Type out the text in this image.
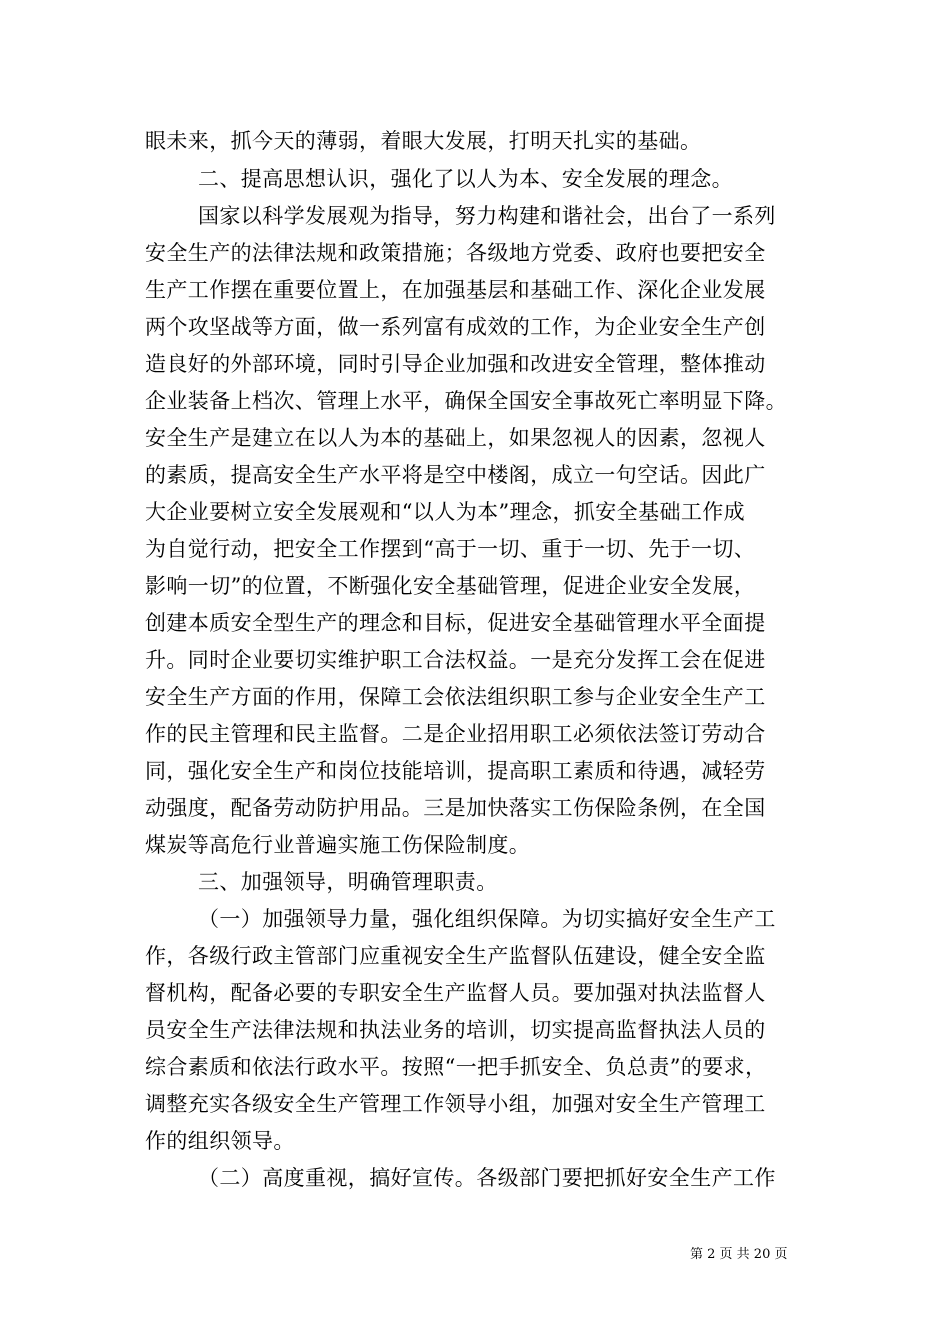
眼未来，抓今天的薄弱，着眼大发展，打明天扎实的基础。
二、提高思想认识，强化了以人为本、安全发展的理念。
国家以科学发展观为指导，努力构建和谐社会，出台了一系列
安全生产的法律法规和政策措施；各级地方党委、政府也要把安全
生产工作摆在重要位置上，在加强基层和基础工作、深化企业发展
两个攻坚战等方面，做一系列富有成效的工作，为企业安全生产创
造良好的外部环境，同时引导企业加强和改进安全管理，整体推动
企业装备上档次、管理上水平，确保全国安全事故死亡率明显下降。
安全生产是建立在以人为本的基础上，如果忽视人的因素，忽视人
的素质，提高安全生产水平将是空中楼阁，成立一句空话。因此广
大企业要树立安全发展观和“以人为本”理念，抓安全基础工作成
为自觉行动，把安全工作摆到“高于一切、重于一切、先于一切、
影响一切”的位置，不断强化安全基础管理，促进企业安全发展，
创建本质安全型生产的理念和目标，促进安全基础管理水平全面提
升。同时企业要切实维护职工合法权益。一是充分发挥工会在促进
安全生产方面的作用，保障工会依法组织职工参与企业安全生产工
作的民主管理和民主监督。二是企业招用职工必须依法签订劳动合
同，强化安全生产和岗位技能培训，提高职工素质和待遇，减轻劳
动强度，配备劳动防护用品。三是加快落实工伤保险条例，在全国
煤炭等高危行业普遍实施工伤保险制度。
三、加强领导，明确管理职责。
（一）加强领导力量，强化组织保障。为切实搞好安全生产工
作，各级行政主管部门应重视安全生产监督队伍建设，健全安全监
督机构，配备必要的专职安全生产监督人员。要加强对执法监督人
员安全生产法律法规和执法业务的培训，切实提高监督执法人员的
综合素质和依法行政水平。按照“一把手抓安全、负总责”的要求，
调整充实各级安全生产管理工作领导小组，加强对安全生产管理工
作的组织领导。
（二）高度重视，搞好宣传。各级部门要把抓好安全生产工作
第 2 页 共 20 页
